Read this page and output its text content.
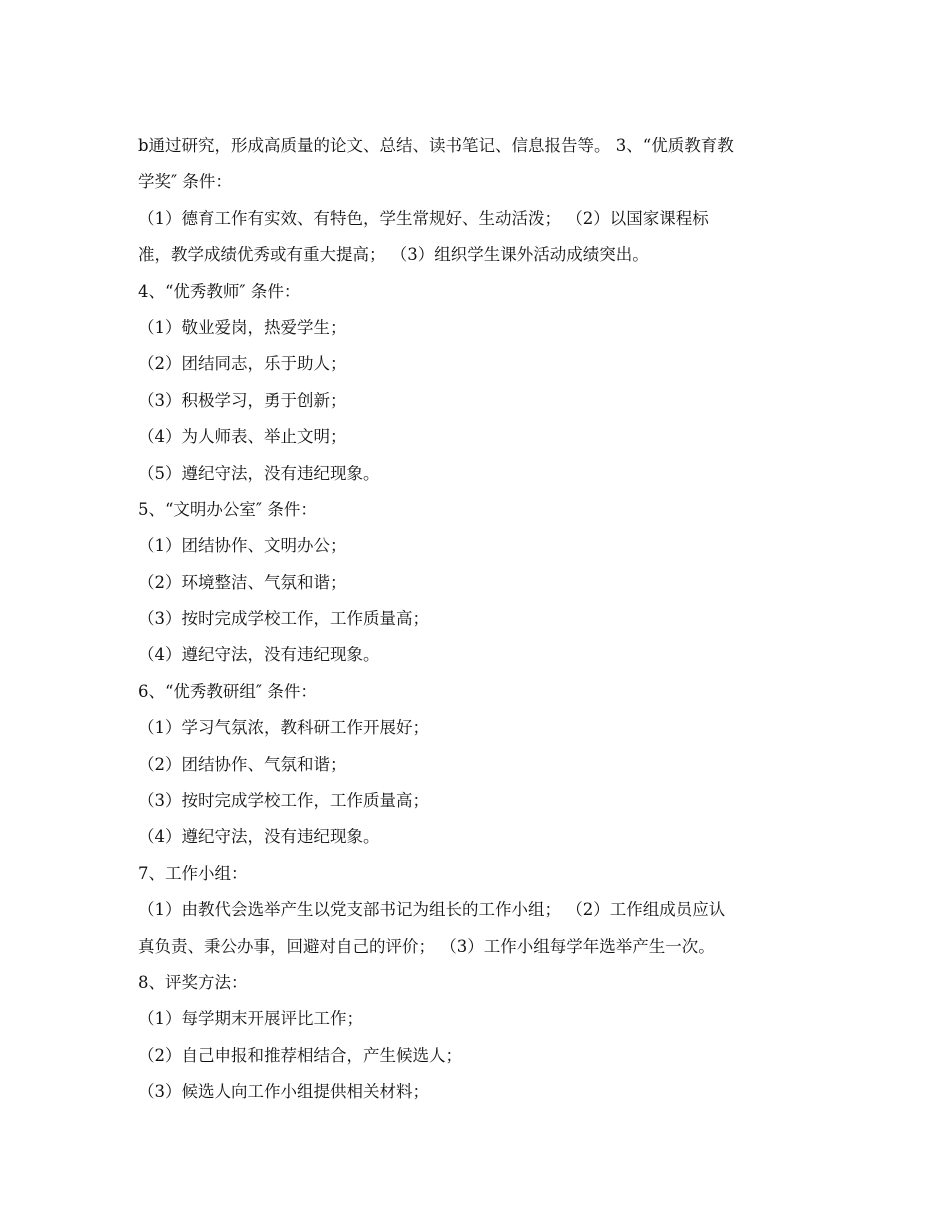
b通过研究，形成高质量的论文、总结、读书笔记、信息报告等。 3、“优质教育教

学奖″ 条件：

（1）德育工作有实效、有特色，学生常规好、生动活泼； （2）以国家课程标

准，教学成绩优秀或有重大提高； （3）组织学生课外活动成绩突出。

4、“优秀教师″ 条件：

（1）敬业爱岗，热爱学生；

（2）团结同志，乐于助人；

（3）积极学习，勇于创新；

（4）为人师表、举止文明；

（5）遵纪守法，没有违纪现象。

5、“文明办公室″ 条件：

（1）团结协作、文明办公；

（2）环境整洁、气氛和谐；

（3）按时完成学校工作，工作质量高；

（4）遵纪守法，没有违纪现象。

6、“优秀教研组″ 条件：

（1）学习气氛浓，教科研工作开展好；

（2）团结协作、气氛和谐；

（3）按时完成学校工作，工作质量高；

（4）遵纪守法，没有违纪现象。

7、工作小组：

（1）由教代会选举产生以党支部书记为组长的工作小组； （2）工作组成员应认

真负责、秉公办事，回避对自己的评价； （3）工作小组每学年选举产生一次。

8、评奖方法：

（1）每学期末开展评比工作；

（2）自己申报和推荐相结合，产生候选人；

（3）候选人向工作小组提供相关材料；
